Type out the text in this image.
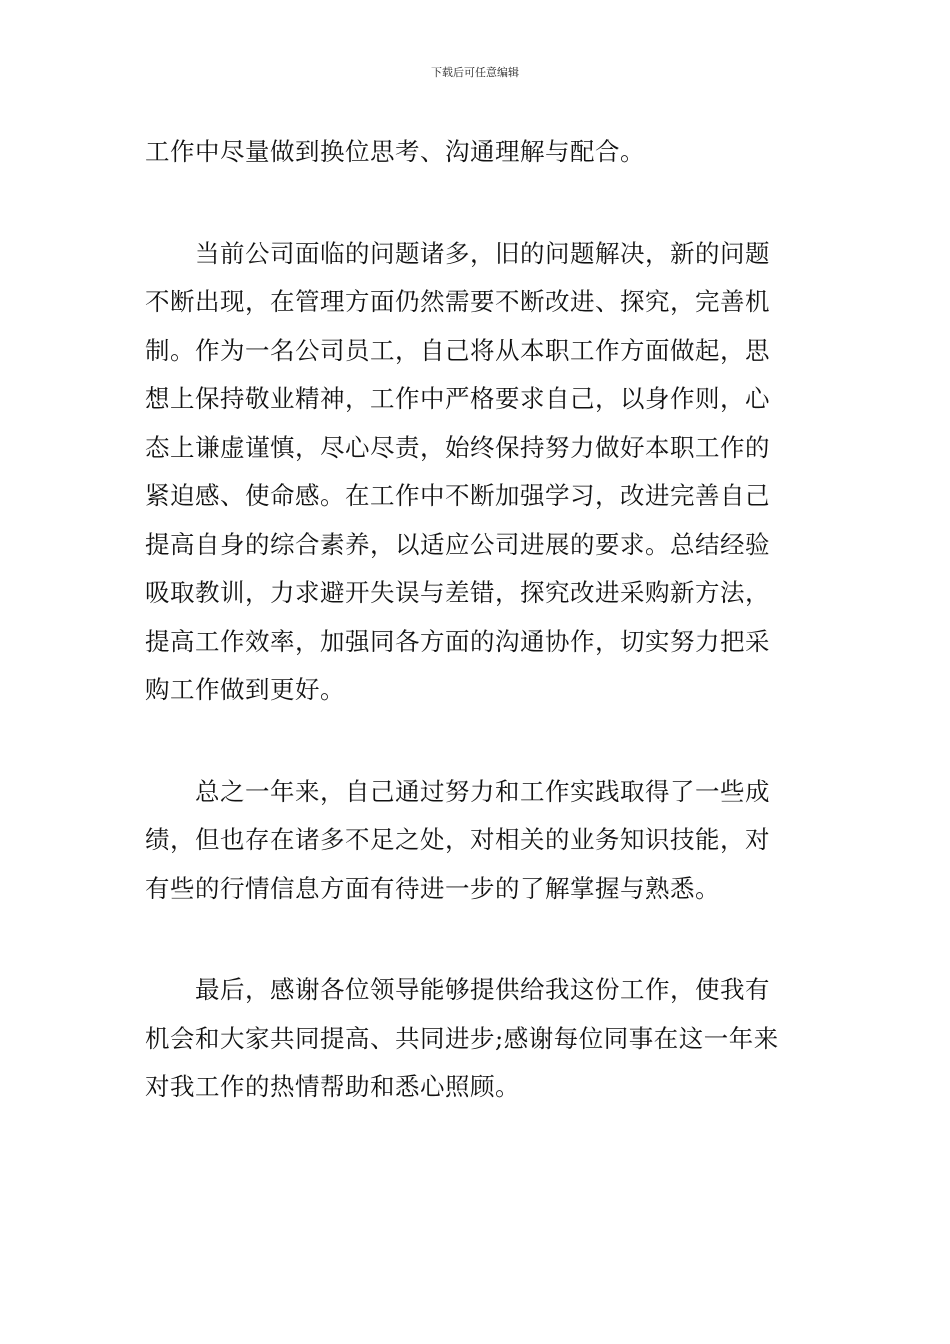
下载后可任意编辑
工作中尽量做到换位思考、沟通理解与配合。
　　当前公司面临的问题诸多，旧的问题解决，新的问题
不断出现，在管理方面仍然需要不断改进、探究，完善机
制。作为一名公司员工，自己将从本职工作方面做起，思
想上保持敬业精神，工作中严格要求自己，以身作则，心
态上谦虚谨慎，尽心尽责，始终保持努力做好本职工作的
紧迫感、使命感。在工作中不断加强学习，改进完善自己
提高自身的综合素养，以适应公司进展的要求。总结经验
吸取教训，力求避开失误与差错，探究改进采购新方法，
提高工作效率，加强同各方面的沟通协作，切实努力把采
购工作做到更好。
　　总之一年来，自己通过努力和工作实践取得了一些成
绩，但也存在诸多不足之处，对相关的业务知识技能，对
有些的行情信息方面有待进一步的了解掌握与熟悉。
　　最后，感谢各位领导能够提供给我这份工作，使我有
机会和大家共同提高、共同进步;感谢每位同事在这一年来
对我工作的热情帮助和悉心照顾。
